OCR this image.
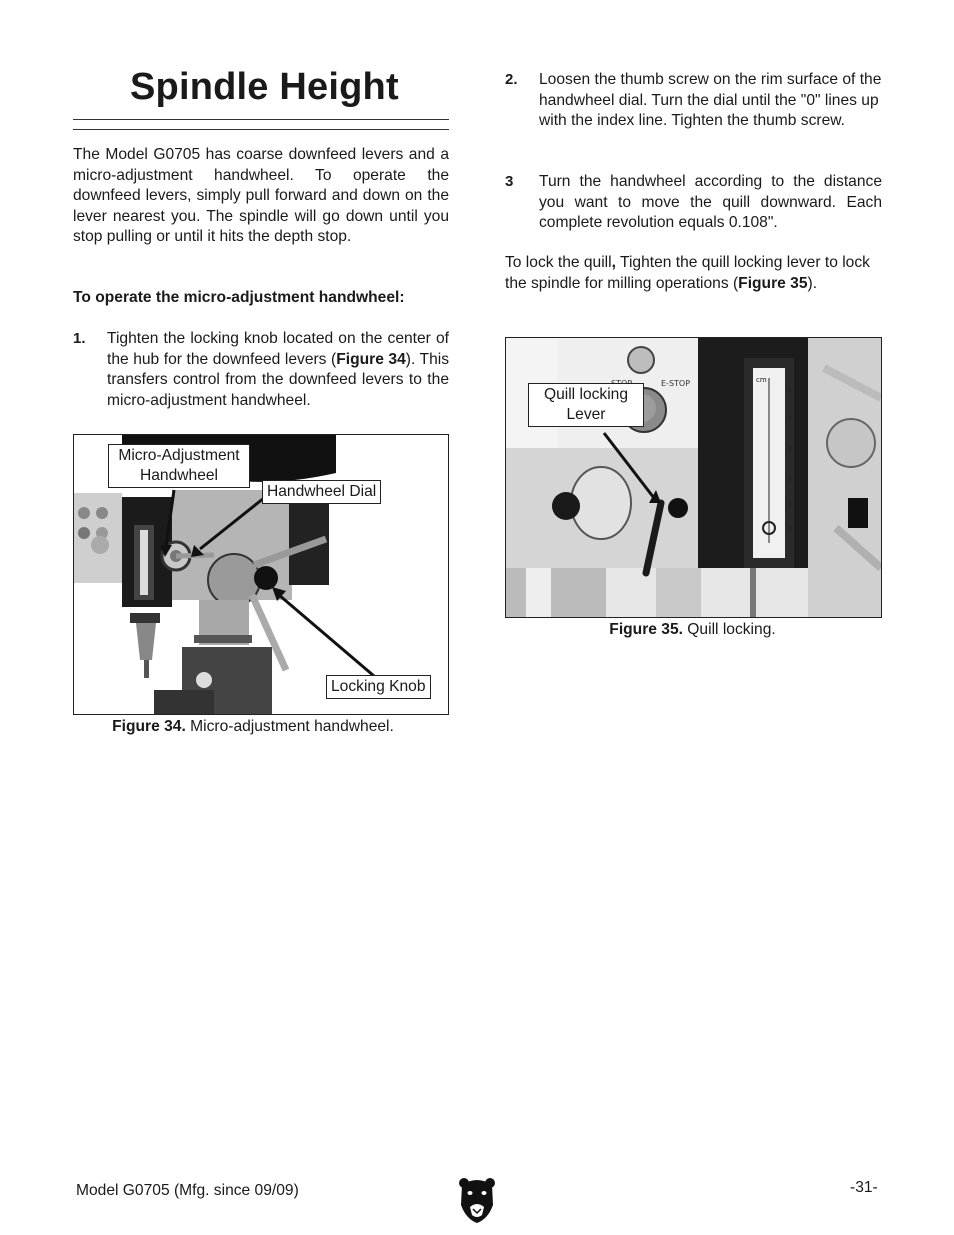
Spindle Height

The Model G0705 has coarse downfeed levers and a micro-adjustment handwheel. To operate the downfeed levers, simply pull forward and down on the lever nearest you. The spindle will go down until you stop pulling or until it hits the depth stop.

To operate the micro-adjustment handwheel:

1. Tighten the locking knob located on the center of the hub for the downfeed levers (Figure 34). This transfers control from the downfeed levers to the micro-adjustment handwheel.

Micro-Adjustment Handwheel
Handwheel Dial
Locking Knob
Figure 34. Micro-adjustment handwheel.
2. Loosen the thumb screw on the rim surface of the handwheel dial. Turn the dial until the "0" lines up with the index line. Tighten the thumb screw.

3 Turn the handwheel according to the distance you want to move the quill downward. Each complete revolution equals 0.108".

To lock the quill, Tighten the quill locking lever to lock the spindle for milling operations (Figure 35).

E-STOP	cm
5
4
3
2
1
0
Quill locking Lever
Figure 35. Quill locking.
Model G0705 (Mfg. since 09/09)	-31-
